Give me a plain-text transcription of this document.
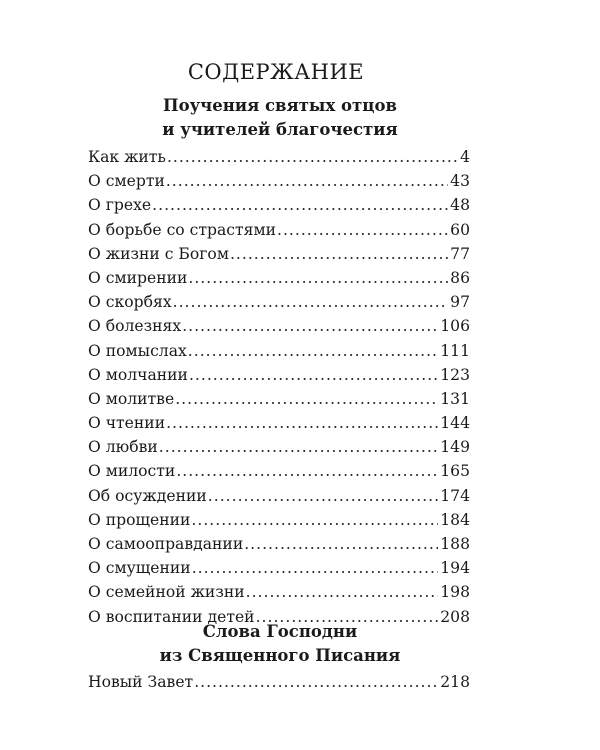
СОДЕРЖАНИЕ
Поучения святых отцов
и учителей благочестия
Как жить .....	4
О смерти .....	43
О грехе .....	48
О борьбе со страстями .....	60
О жизни с Богом .....	77
О смирении .....	86
О скорбях .....	97
О болезнях .....	106
О помыслах .....	111
О молчании .....	123
О молитве .....	131
О чтении .....	144
О любви .....	149
О милости .....	165
Об осуждении .....	174
О прощении .....	184
О самооправдании .....	188
О смущении .....	194
О семейной жизни .....	198
О воспитании детей .....	208
Слова Господни
из Священного Писания
Новый Завет .....	218
